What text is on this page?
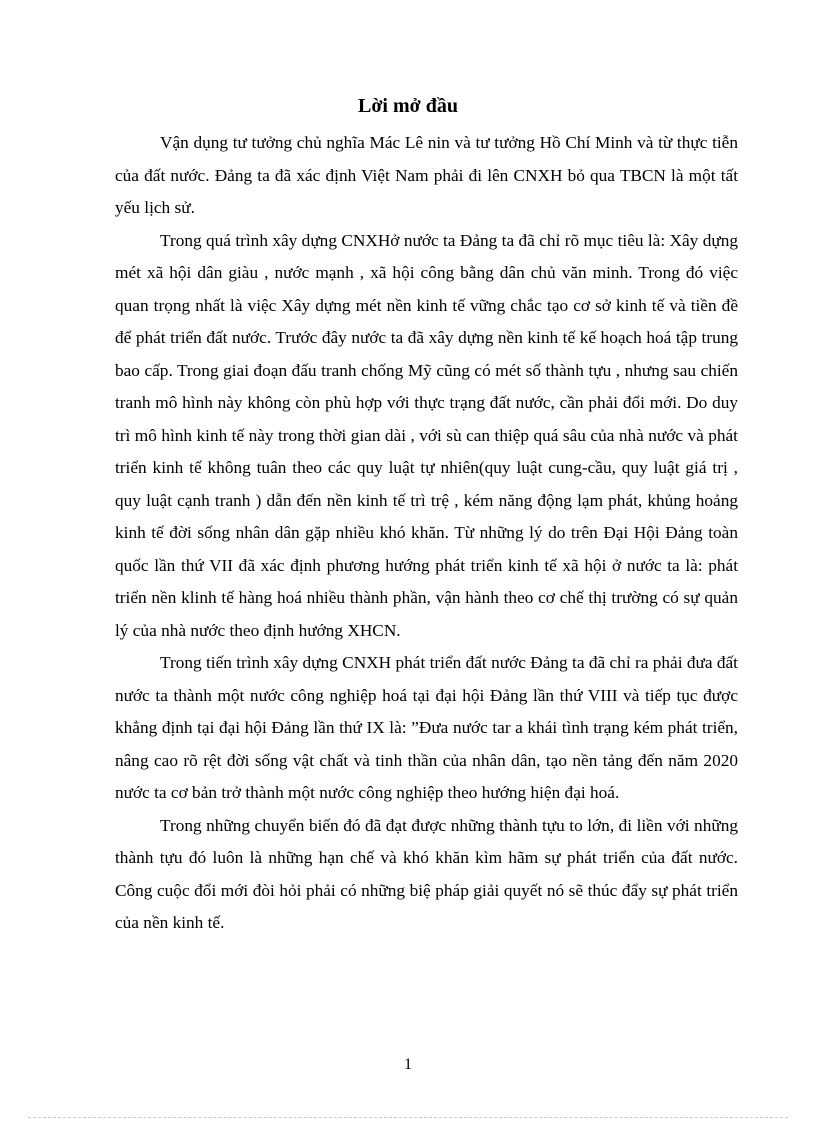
Lời mở đầu

Vận dụng tư tưởng chủ nghĩa Mác Lê nin và tư tưởng Hồ Chí Minh và từ thực tiễn của đất nước. Đảng ta đã xác định Việt Nam phải đi lên CNXH bỏ qua TBCN là một tất yếu lịch sử.

Trong quá trình xây dựng CNXHở nước ta Đảng ta đã chỉ rõ mục tiêu là: Xây dựng mét xã hội dân giàu , nước mạnh , xã hội công bằng dân chủ văn minh. Trong đó việc quan trọng nhất là việc Xây dựng mét nền kinh tế vững chắc tạo cơ sở kinh tế và tiền đề để phát triển đất nước. Trước đây nước ta đã xây dựng nền kinh tế kế hoạch hoá tập trung bao cấp. Trong giai đoạn đấu tranh chống Mỹ cũng có mét số thành tựu , nhưng sau chiến tranh mô hình này không còn phù hợp với thực trạng đất nước, cần phải đổi mới. Do duy trì mô hình kinh tế này trong thời gian dài , với sù can thiệp quá sâu của nhà nước và phát triển kinh tế không tuân theo các quy luật tự nhiên(quy luật cung-cầu, quy luật giá trị , quy luật cạnh tranh ) dẫn đến nền kinh tế trì trệ , kém năng động lạm phát, khủng hoảng kinh tế đời sống nhân dân gặp nhiều khó khăn. Từ những lý do trên Đại Hội Đảng toàn quốc lần thứ VII đã xác định phương hướng phát triển kinh tế xã hội ở nước ta là: phát triển nền klinh tế hàng hoá nhiều thành phần, vận hành theo cơ chế thị trường có sự quản lý của nhà nước theo định hướng XHCN.

Trong tiến trình xây dựng CNXH phát triển đất nước Đảng ta đã chỉ ra phải đưa đất nước ta thành một nước công nghiệp hoá tại đại hội Đảng lần thứ VIII và tiếp tục được khẳng định tại đại hội Đảng lần thứ IX là: ”Đưa nước tar a khái tình trạng kém phát triển, nâng cao rõ rệt đời sống vật chất và tinh thần của nhân dân, tạo nền tảng đến năm 2020 nước ta cơ bản trở thành một nước công nghiệp theo hướng hiện đại hoá.

Trong những chuyển biến đó đã đạt được những thành tựu to lớn, đi liền với những thành tựu đó luôn là những hạn chế và khó khăn kìm hãm sự phát triển của đất nước. Công cuộc đổi mới đòi hỏi phải có những biệ pháp giải quyết nó sẽ thúc đẩy sự phát triển của nền kinh tế.

1
